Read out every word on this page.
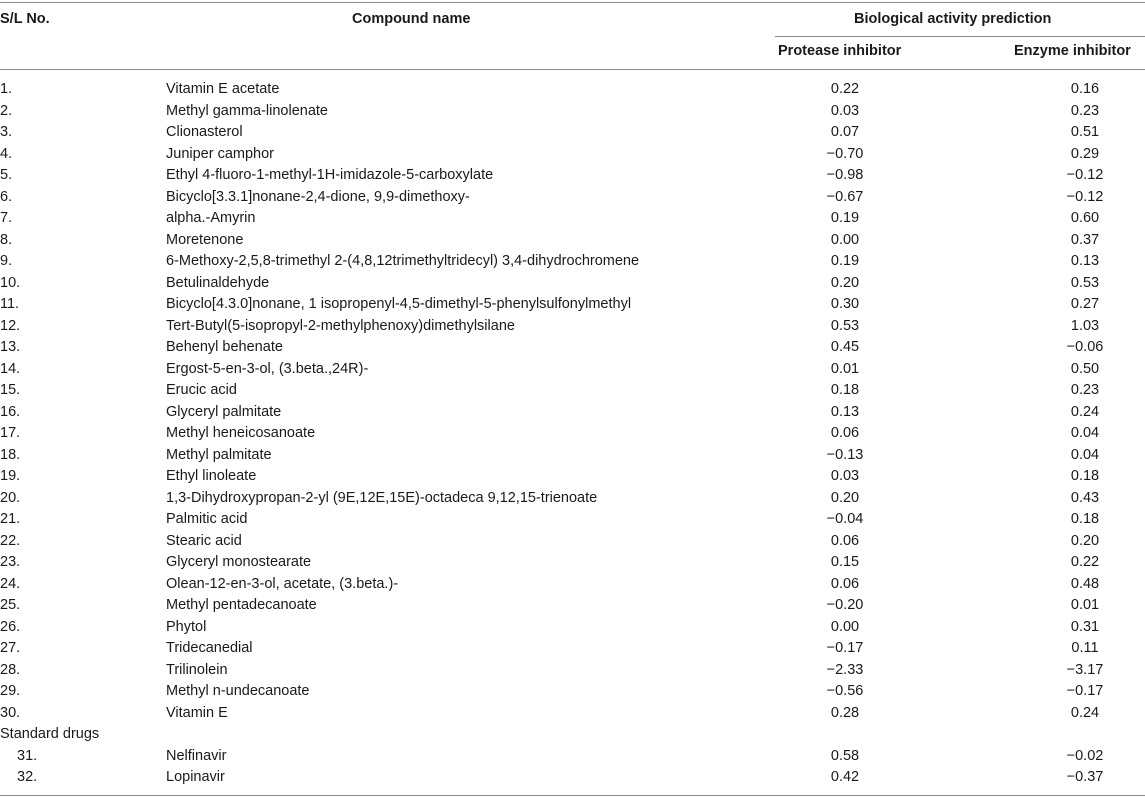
S/L No.	Compound name	Biological activity prediction
Protease inhibitor	Enzyme inhibitor
1.	Vitamin E acetate	0.22	0.16
2.	Methyl gamma-linolenate	0.03	0.23
3.	Clionasterol	0.07	0.51
4.	Juniper camphor	−0.70	0.29
5.	Ethyl 4-fluoro-1-methyl-1H-imidazole-5-carboxylate	−0.98	−0.12
6.	Bicyclo[3.3.1]nonane-2,4-dione, 9,9-dimethoxy-	−0.67	−0.12
7.	alpha.-Amyrin	0.19	0.60
8.	Moretenone	0.00	0.37
9.	6-Methoxy-2,5,8-trimethyl 2-(4,8,12trimethyltridecyl) 3,4-dihydrochromene	0.19	0.13
10.	Betulinaldehyde	0.20	0.53
11.	Bicyclo[4.3.0]nonane, 1 isopropenyl-4,5-dimethyl-5-phenylsulfonylmethyl	0.30	0.27
12.	Tert-Butyl(5-isopropyl-2-methylphenoxy)dimethylsilane	0.53	1.03
13.	Behenyl behenate	0.45	−0.06
14.	Ergost-5-en-3-ol, (3.beta.,24R)-	0.01	0.50
15.	Erucic acid	0.18	0.23
16.	Glyceryl palmitate	0.13	0.24
17.	Methyl heneicosanoate	0.06	0.04
18.	Methyl palmitate	−0.13	0.04
19.	Ethyl linoleate	0.03	0.18
20.	1,3-Dihydroxypropan-2-yl (9E,12E,15E)-octadeca 9,12,15-trienoate	0.20	0.43
21.	Palmitic acid	−0.04	0.18
22.	Stearic acid	0.06	0.20
23.	Glyceryl monostearate	0.15	0.22
24.	Olean-12-en-3-ol, acetate, (3.beta.)-	0.06	0.48
25.	Methyl pentadecanoate	−0.20	0.01
26.	Phytol	0.00	0.31
27.	Tridecanedial	−0.17	0.11
28.	Trilinolein	−2.33	−3.17
29.	Methyl n-undecanoate	−0.56	−0.17
30.	Vitamin E	0.28	0.24
Standard drugs
31.	Nelfinavir	0.58	−0.02
32.	Lopinavir	0.42	−0.37
